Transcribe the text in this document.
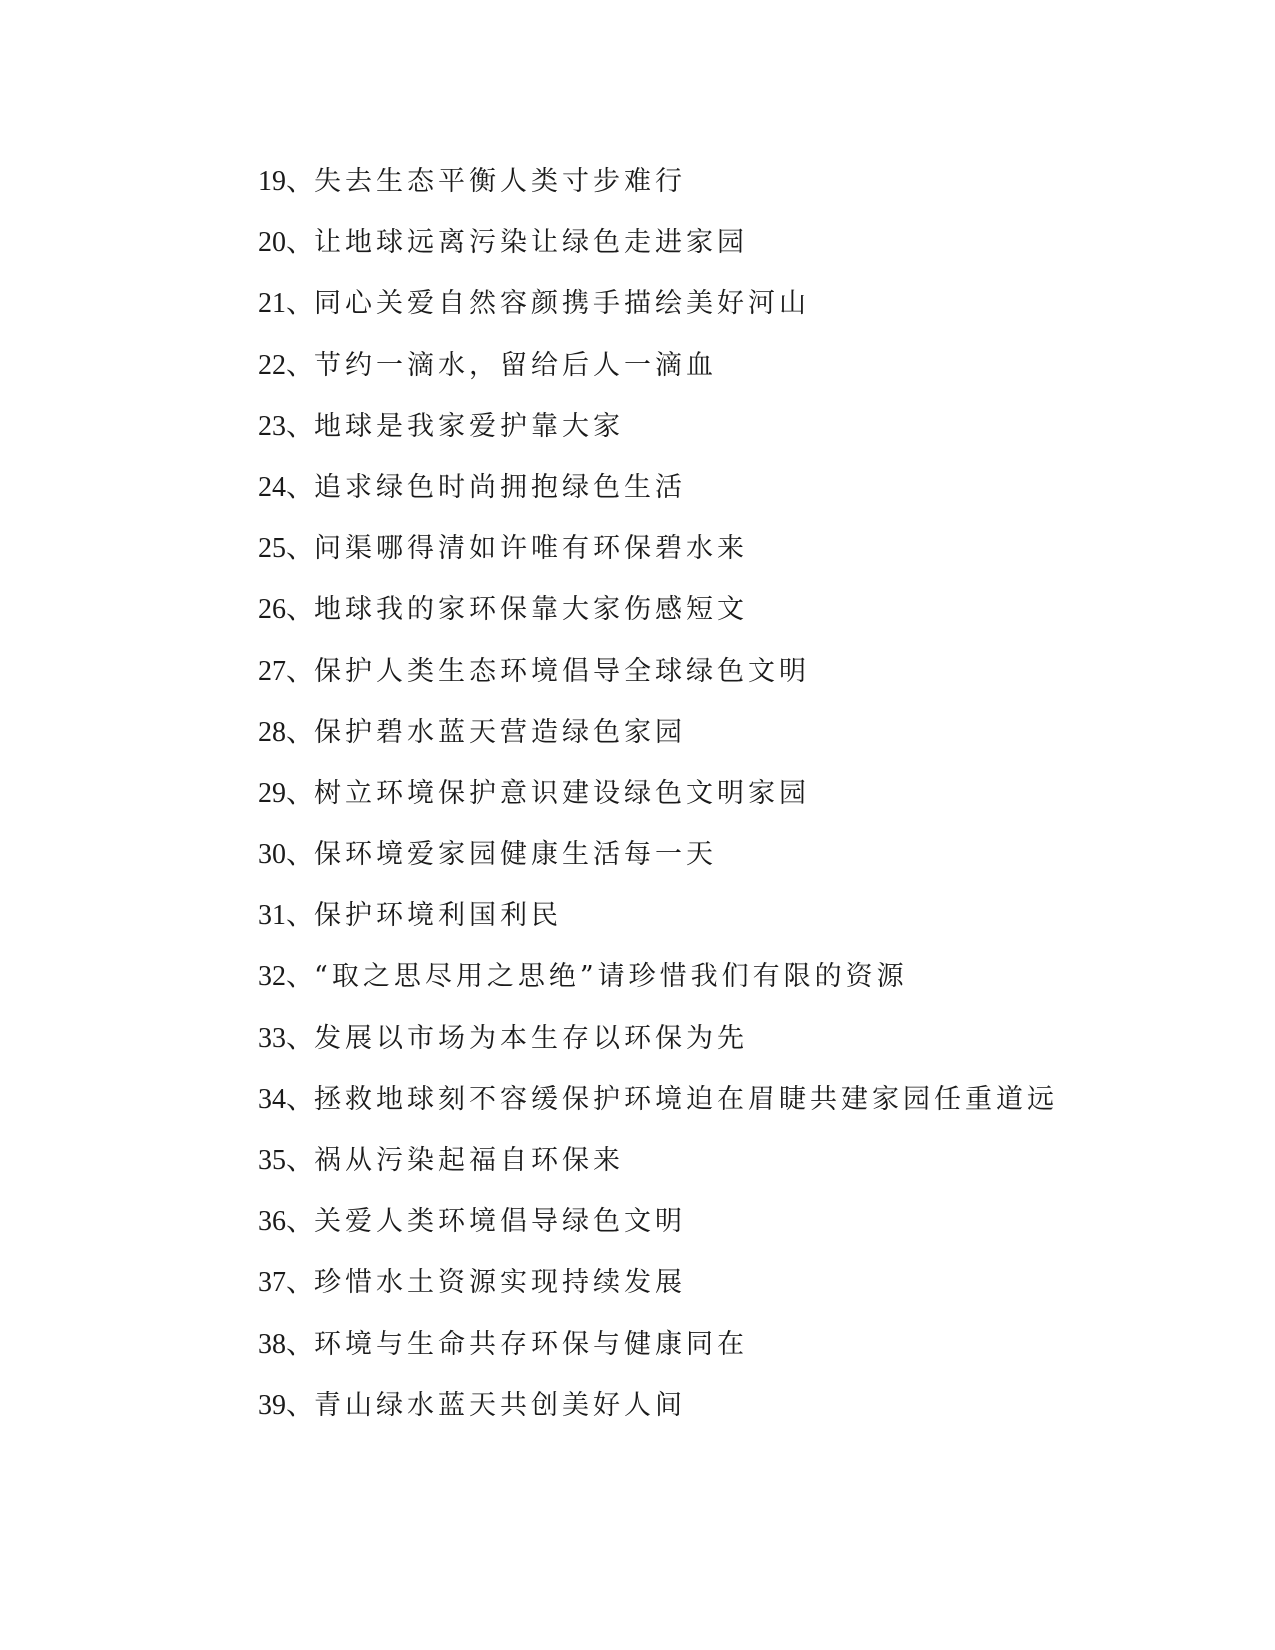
19、失去生态平衡人类寸步难行
20、让地球远离污染让绿色走进家园
21、同心关爱自然容颜携手描绘美好河山
22、节约一滴水，留给后人一滴血
23、地球是我家爱护靠大家
24、追求绿色时尚拥抱绿色生活
25、问渠哪得清如许唯有环保碧水来
26、地球我的家环保靠大家伤感短文
27、保护人类生态环境倡导全球绿色文明
28、保护碧水蓝天营造绿色家园
29、树立环境保护意识建设绿色文明家园
30、保环境爱家园健康生活每一天
31、保护环境利国利民
32、“取之思尽用之思绝”请珍惜我们有限的资源
33、发展以市场为本生存以环保为先
34、拯救地球刻不容缓保护环境迫在眉睫共建家园任重道远
35、祸从污染起福自环保来
36、关爱人类环境倡导绿色文明
37、珍惜水土资源实现持续发展
38、环境与生命共存环保与健康同在
39、青山绿水蓝天共创美好人间
